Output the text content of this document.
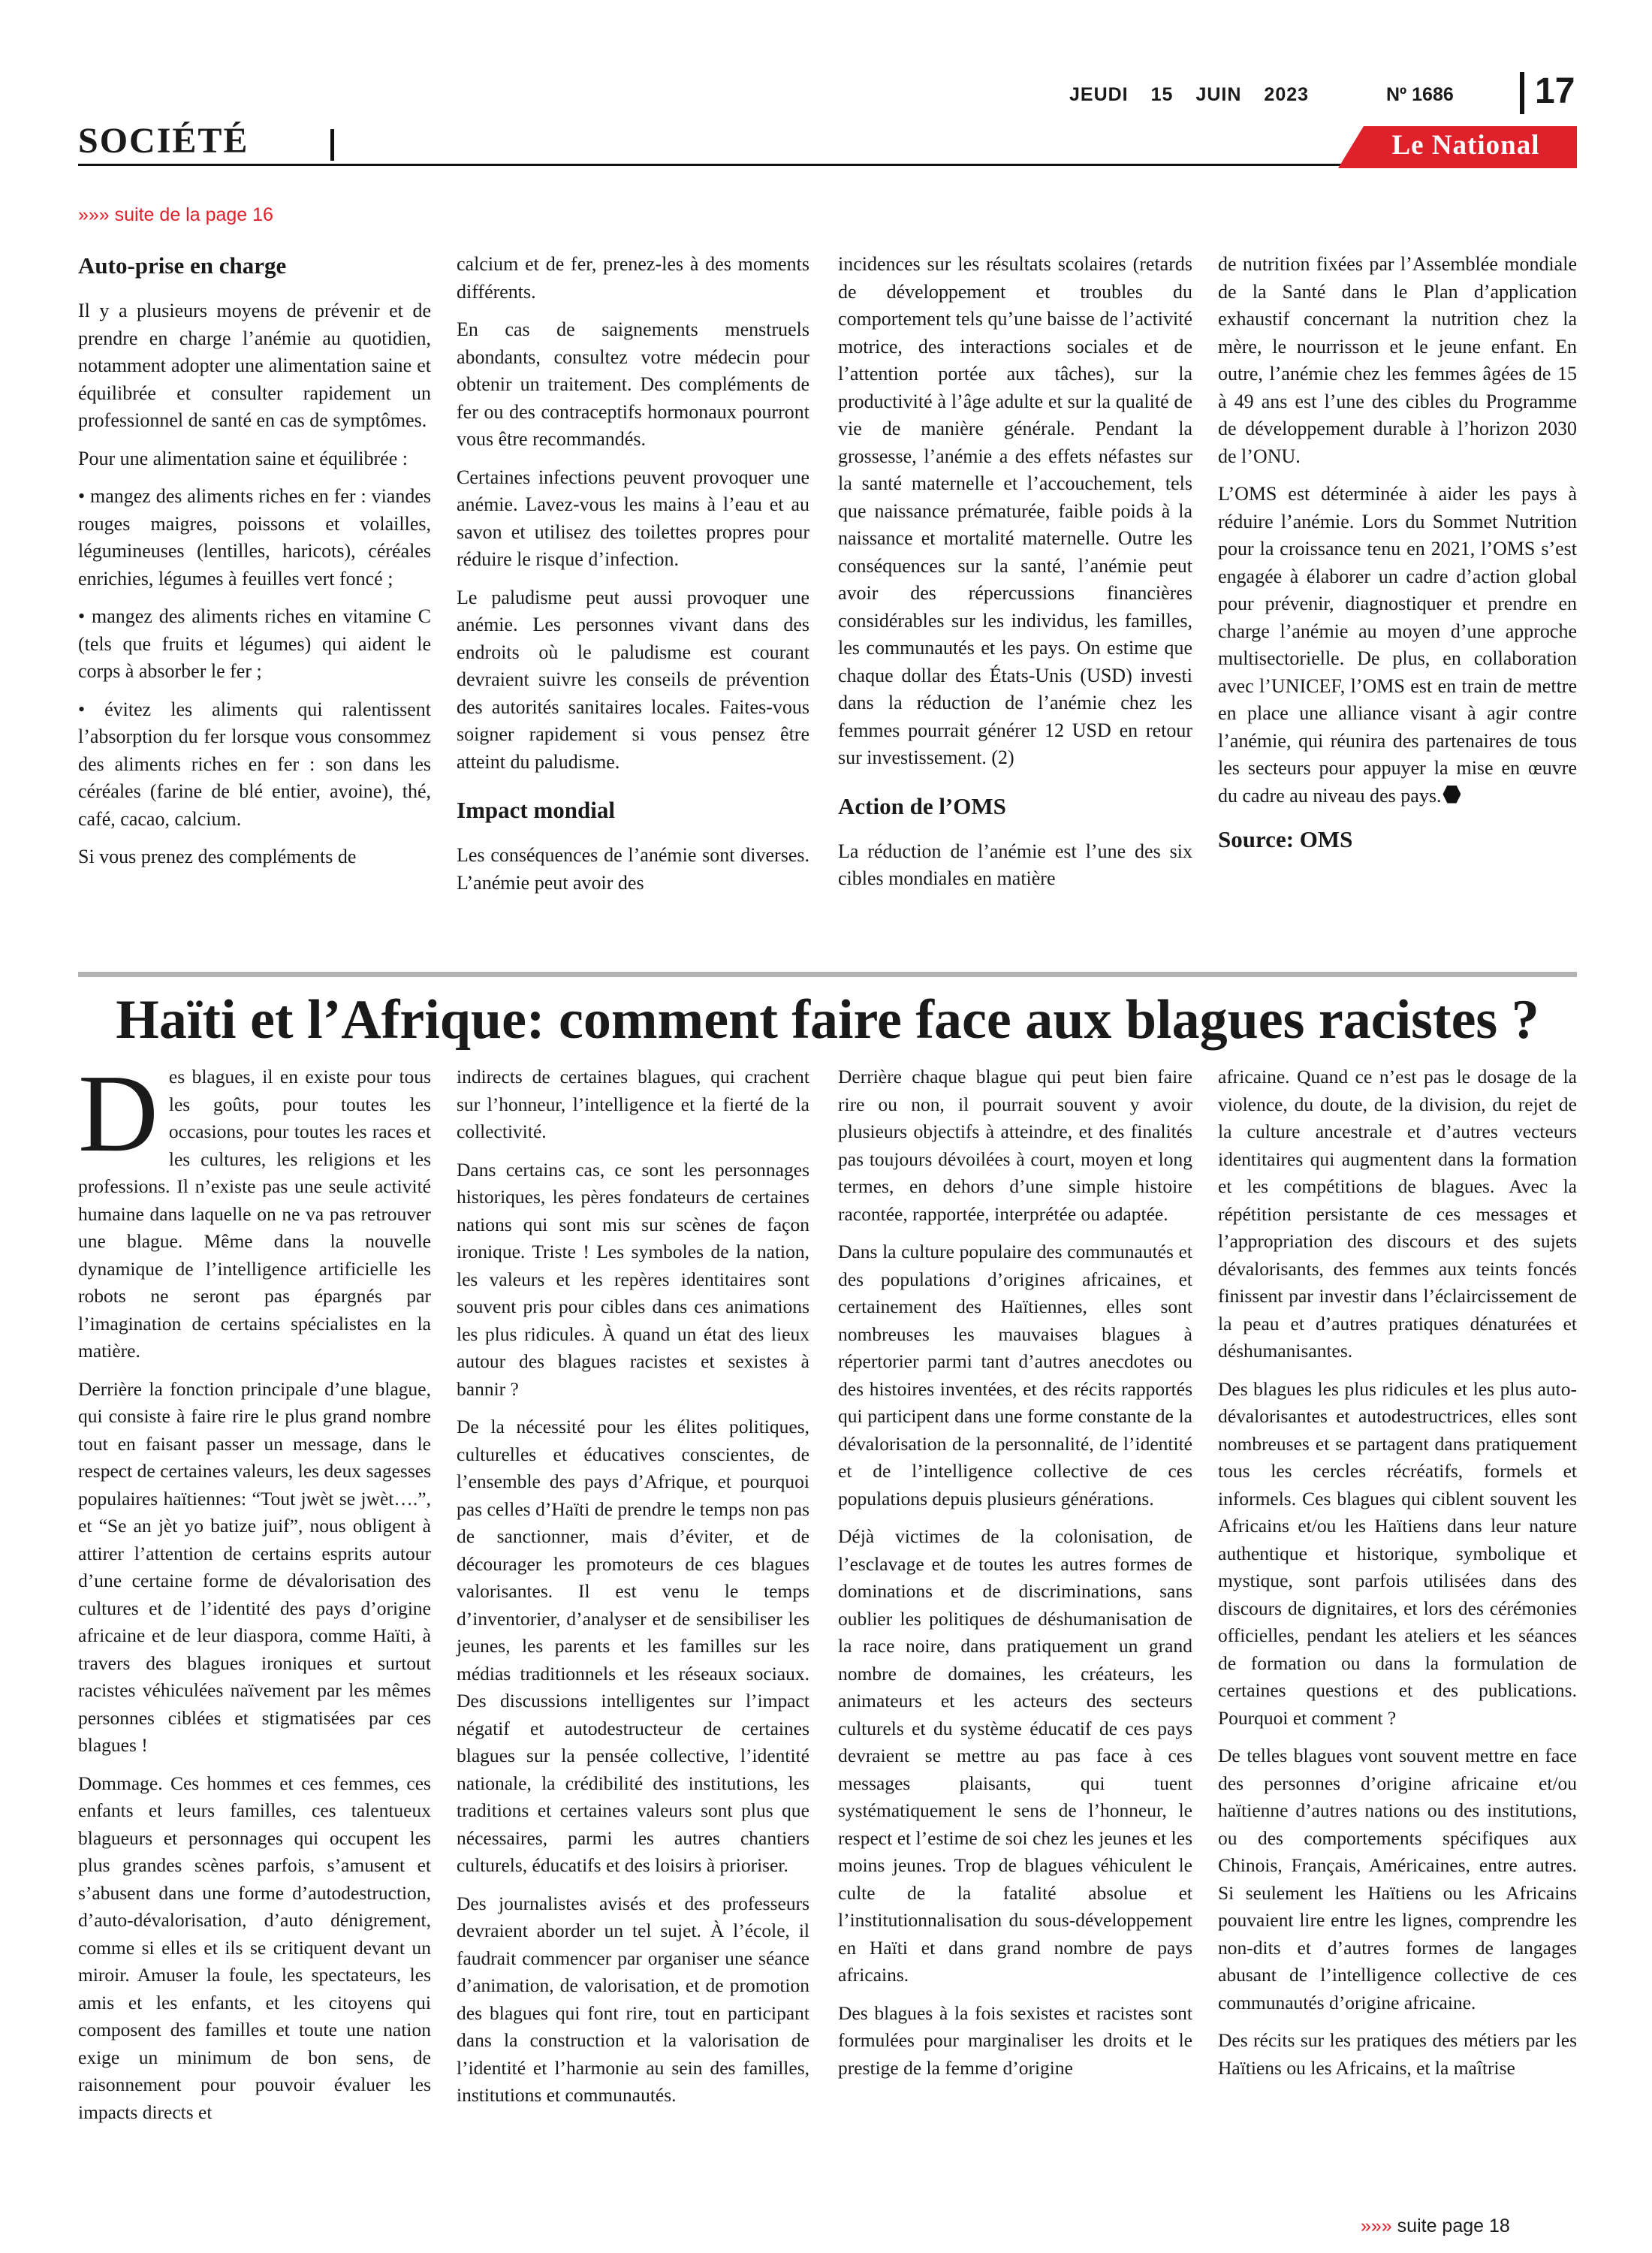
JEUDI 15 JUIN 2023	Nº 1686 17
SOCIÉTÉ	Le National
»»» suite de la page 16
Auto-prise en charge

Il y a plusieurs moyens de prévenir et de prendre en charge l’anémie au quotidien, notamment adopter une alimentation saine et équilibrée et consulter rapidement un professionnel de santé en cas de symptômes.

Pour une alimentation saine et équilibrée :

• mangez des aliments riches en fer : viandes rouges maigres, poissons et volailles, légumineuses (lentilles, haricots), céréales enrichies, légumes à feuilles vert foncé ;

• mangez des aliments riches en vitamine C (tels que fruits et légumes) qui aident le corps à absorber le fer ;

• évitez les aliments qui ralentissent l’absorption du fer lorsque vous consommez des aliments riches en fer : son dans les céréales (farine de blé entier, avoine), thé, café, cacao, calcium.

Si vous prenez des compléments de

calcium et de fer, prenez-les à des moments différents.

En cas de saignements menstruels abondants, consultez votre médecin pour obtenir un traitement. Des compléments de fer ou des contraceptifs hormonaux pourront vous être recommandés.

Certaines infections peuvent provoquer une anémie. Lavez-vous les mains à l’eau et au savon et utilisez des toilettes propres pour réduire le risque d’infection.

Le paludisme peut aussi provoquer une anémie. Les personnes vivant dans des endroits où le paludisme est courant devraient suivre les conseils de prévention des autorités sanitaires locales. Faites-vous soigner rapidement si vous pensez être atteint du paludisme.

Impact mondial

Les conséquences de l’anémie sont diverses. L’anémie peut avoir des

incidences sur les résultats scolaires (retards de développement et troubles du comportement tels qu’une baisse de l’activité motrice, des interactions sociales et de l’attention portée aux tâches), sur la productivité à l’âge adulte et sur la qualité de vie de manière générale. Pendant la grossesse, l’anémie a des effets néfastes sur la santé maternelle et l’accouchement, tels que naissance prématurée, faible poids à la naissance et mortalité maternelle. Outre les conséquences sur la santé, l’anémie peut avoir des répercussions financières considérables sur les individus, les familles, les communautés et les pays. On estime que chaque dollar des États-Unis (USD) investi dans la réduction de l’anémie chez les femmes pourrait générer 12 USD en retour sur investissement. (2)

Action de l’OMS

La réduction de l’anémie est l’une des six cibles mondiales en matière

de nutrition fixées par l’Assemblée mondiale de la Santé dans le Plan d’application exhaustif concernant la nutrition chez la mère, le nourrisson et le jeune enfant. En outre, l’anémie chez les femmes âgées de 15 à 49 ans est l’une des cibles du Programme de développement durable à l’horizon 2030 de l’ONU.

L’OMS est déterminée à aider les pays à réduire l’anémie. Lors du Sommet Nutrition pour la croissance tenu en 2021, l’OMS s’est engagée à élaborer un cadre d’action global pour prévenir, diagnostiquer et prendre en charge l’anémie au moyen d’une approche multisectorielle. De plus, en collaboration avec l’UNICEF, l’OMS est en train de mettre en place une alliance visant à agir contre l’anémie, qui réunira des partenaires de tous les secteurs pour appuyer la mise en œuvre du cadre au niveau des pays.

Source: OMS

Haïti et l’Afrique: comment faire face aux blagues racistes ?

Des blagues, il en existe pour tous les goûts, pour toutes les occasions, pour toutes les races et les cultures, les religions et les professions. Il n’existe pas une seule activité humaine dans laquelle on ne va pas retrouver une blague. Même dans la nouvelle dynamique de l’intelligence artificielle les robots ne seront pas épargnés par l’imagination de certains spécialistes en la matière.

Derrière la fonction principale d’une blague, qui consiste à faire rire le plus grand nombre tout en faisant passer un message, dans le respect de certaines valeurs, les deux sagesses populaires haïtiennes: “Tout jwèt se jwèt….”, et “Se an jèt yo batize juif”, nous obligent à attirer l’attention de certains esprits autour d’une certaine forme de dévalorisation des cultures et de l’identité des pays d’origine africaine et de leur diaspora, comme Haïti, à travers des blagues ironiques et surtout racistes véhiculées naïvement par les mêmes personnes ciblées et stigmatisées par ces blagues !

Dommage. Ces hommes et ces femmes, ces enfants et leurs familles, ces talentueux blagueurs et personnages qui occupent les plus grandes scènes parfois, s’amusent et s’abusent dans une forme d’autodestruction, d’auto-dévalorisation, d’auto dénigrement, comme si elles et ils se critiquent devant un miroir. Amuser la foule, les spectateurs, les amis et les enfants, et les citoyens qui composent des familles et toute une nation exige un minimum de bon sens, de raisonnement pour pouvoir évaluer les impacts directs et

indirects de certaines blagues, qui crachent sur l’honneur, l’intelligence et la fierté de la collectivité.

Dans certains cas, ce sont les personnages historiques, les pères fondateurs de certaines nations qui sont mis sur scènes de façon ironique. Triste ! Les symboles de la nation, les valeurs et les repères identitaires sont souvent pris pour cibles dans ces animations les plus ridicules. À quand un état des lieux autour des blagues racistes et sexistes à bannir ?

De la nécessité pour les élites politiques, culturelles et éducatives conscientes, de l’ensemble des pays d’Afrique, et pourquoi pas celles d’Haïti de prendre le temps non pas de sanctionner, mais d’éviter, et de décourager les promoteurs de ces blagues valorisantes. Il est venu le temps d’inventorier, d’analyser et de sensibiliser les jeunes, les parents et les familles sur les médias traditionnels et les réseaux sociaux. Des discussions intelligentes sur l’impact négatif et autodestructeur de certaines blagues sur la pensée collective, l’identité nationale, la crédibilité des institutions, les traditions et certaines valeurs sont plus que nécessaires, parmi les autres chantiers culturels, éducatifs et des loisirs à prioriser.

Des journalistes avisés et des professeurs devraient aborder un tel sujet. À l’école, il faudrait commencer par organiser une séance d’animation, de valorisation, et de promotion des blagues qui font rire, tout en participant dans la construction et la valorisation de l’identité et l’harmonie au sein des familles, institutions et communautés.

Derrière chaque blague qui peut bien faire rire ou non, il pourrait souvent y avoir plusieurs objectifs à atteindre, et des finalités pas toujours dévoilées à court, moyen et long termes, en dehors d’une simple histoire racontée, rapportée, interprétée ou adaptée.

Dans la culture populaire des communautés et des populations d’origines africaines, et certainement des Haïtiennes, elles sont nombreuses les mauvaises blagues à répertorier parmi tant d’autres anecdotes ou des histoires inventées, et des récits rapportés qui participent dans une forme constante de la dévalorisation de la personnalité, de l’identité et de l’intelligence collective de ces populations depuis plusieurs générations.

Déjà victimes de la colonisation, de l’esclavage et de toutes les autres formes de dominations et de discriminations, sans oublier les politiques de déshumanisation de la race noire, dans pratiquement un grand nombre de domaines, les créateurs, les animateurs et les acteurs des secteurs culturels et du système éducatif de ces pays devraient se mettre au pas face à ces messages plaisants, qui tuent systématiquement le sens de l’honneur, le respect et l’estime de soi chez les jeunes et les moins jeunes. Trop de blagues véhiculent le culte de la fatalité absolue et l’institutionnalisation du sous-développement en Haïti et dans grand nombre de pays africains.

Des blagues à la fois sexistes et racistes sont formulées pour marginaliser les droits et le prestige de la femme d’origine

africaine. Quand ce n’est pas le dosage de la violence, du doute, de la division, du rejet de la culture ancestrale et d’autres vecteurs identitaires qui augmentent dans la formation et les compétitions de blagues. Avec la répétition persistante de ces messages et l’appropriation des discours et des sujets dévalorisants, des femmes aux teints foncés finissent par investir dans l’éclaircissement de la peau et d’autres pratiques dénaturées et déshumanisantes.

Des blagues les plus ridicules et les plus auto-dévalorisantes et autodestructrices, elles sont nombreuses et se partagent dans pratiquement tous les cercles récréatifs, formels et informels. Ces blagues qui ciblent souvent les Africains et/ou les Haïtiens dans leur nature authentique et historique, symbolique et mystique, sont parfois utilisées dans des discours de dignitaires, et lors des cérémonies officielles, pendant les ateliers et les séances de formation ou dans la formulation de certaines questions et des publications. Pourquoi et comment ?

De telles blagues vont souvent mettre en face des personnes d’origine africaine et/ou haïtienne d’autres nations ou des institutions, ou des comportements spécifiques aux Chinois, Français, Américaines, entre autres. Si seulement les Haïtiens ou les Africains pouvaient lire entre les lignes, comprendre les non-dits et d’autres formes de langages abusant de l’intelligence collective de ces communautés d’origine africaine.

Des récits sur les pratiques des métiers par les Haïtiens ou les Africains, et la maîtrise

»»» suite page 18
